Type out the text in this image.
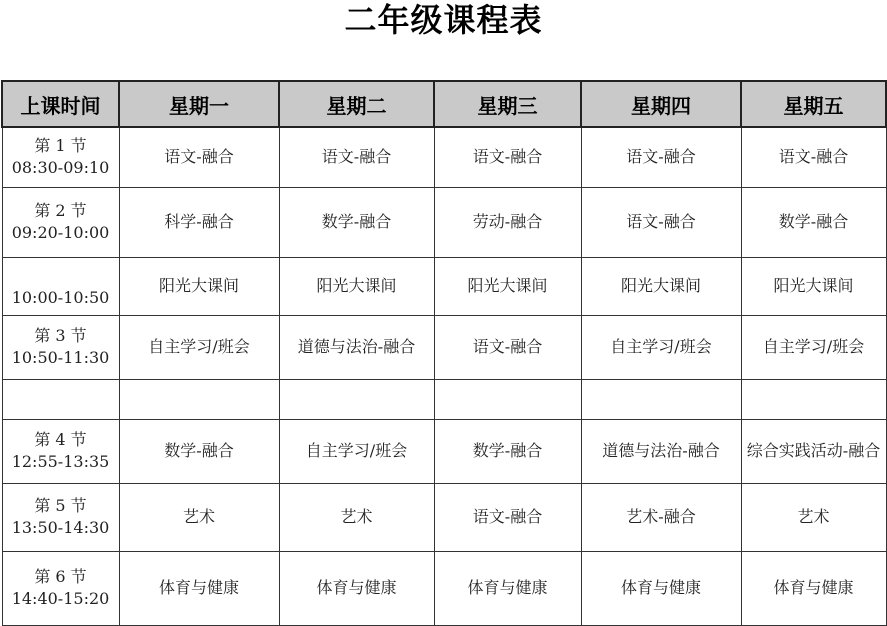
二年级课程表
上课时间	星期一	星期二	星期三	星期四	星期五

第 1 节
08:30-09:10	语文-融合	语文-融合	语文-融合	语文-融合	语文-融合

第 2 节
09:20-10:00	科学-融合	数学-融合	劳动-融合	语文-融合	数学-融合

10:00-10:50	阳光大课间	阳光大课间	阳光大课间	阳光大课间	阳光大课间

第 3 节
10:50-11:30	自主学习/班会	道德与法治-融合	语文-融合	自主学习/班会	自主学习/班会

第 4 节
12:55-13:35	数学-融合	自主学习/班会	数学-融合	道德与法治-融合	综合实践活动-融合

第 5 节
13:50-14:30	艺术	艺术	语文-融合	艺术-融合	艺术

第 6 节
14:40-15:20	体育与健康	体育与健康	体育与健康	体育与健康	体育与健康
